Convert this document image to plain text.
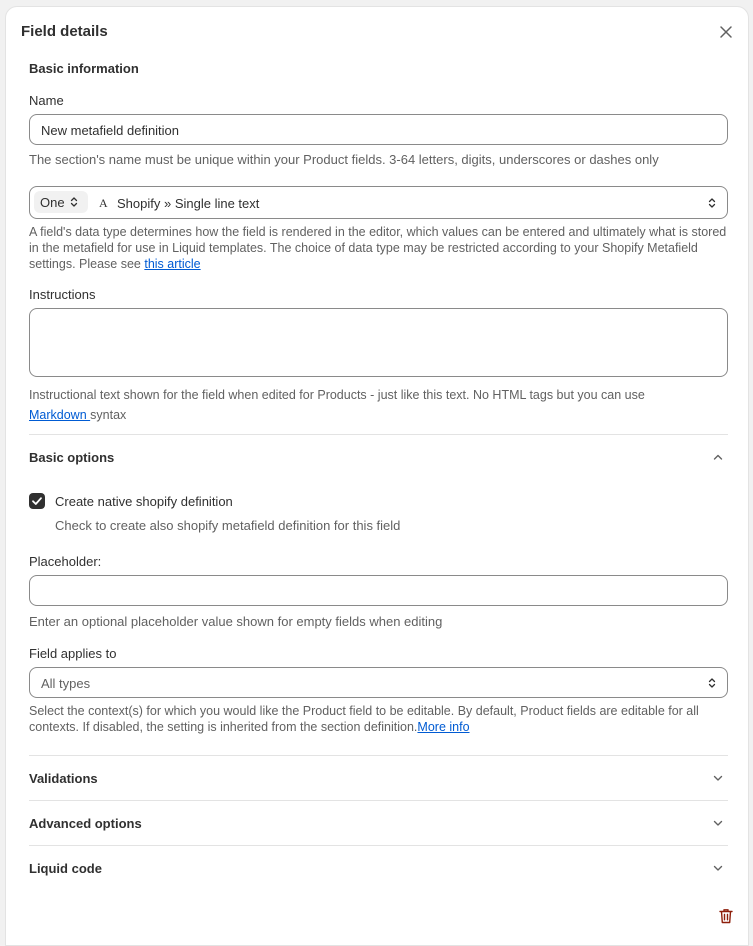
Field details
Basic information
Name
New metafield definition
The section's name must be unique within your Product fields. 3-64 letters, digits, underscores or dashes only
One	A Shopify » Single line text
A field's data type determines how the field is rendered in the editor, which values can be entered and ultimately what is stored in the metafield for use in Liquid templates. The choice of data type may be restricted according to your Shopify Metafield settings. Please see this article
Instructions
Instructional text shown for the field when edited for Products - just like this text. No HTML tags but you can use
Markdown syntax
Basic options
Create native shopify definition
Check to create also shopify metafield definition for this field
Placeholder:
Enter an optional placeholder value shown for empty fields when editing
Field applies to
All types
Select the context(s) for which you would like the Product field to be editable. By default, Product fields are editable for all contexts. If disabled, the setting is inherited from the section definition.More info
Validations
Advanced options
Liquid code
